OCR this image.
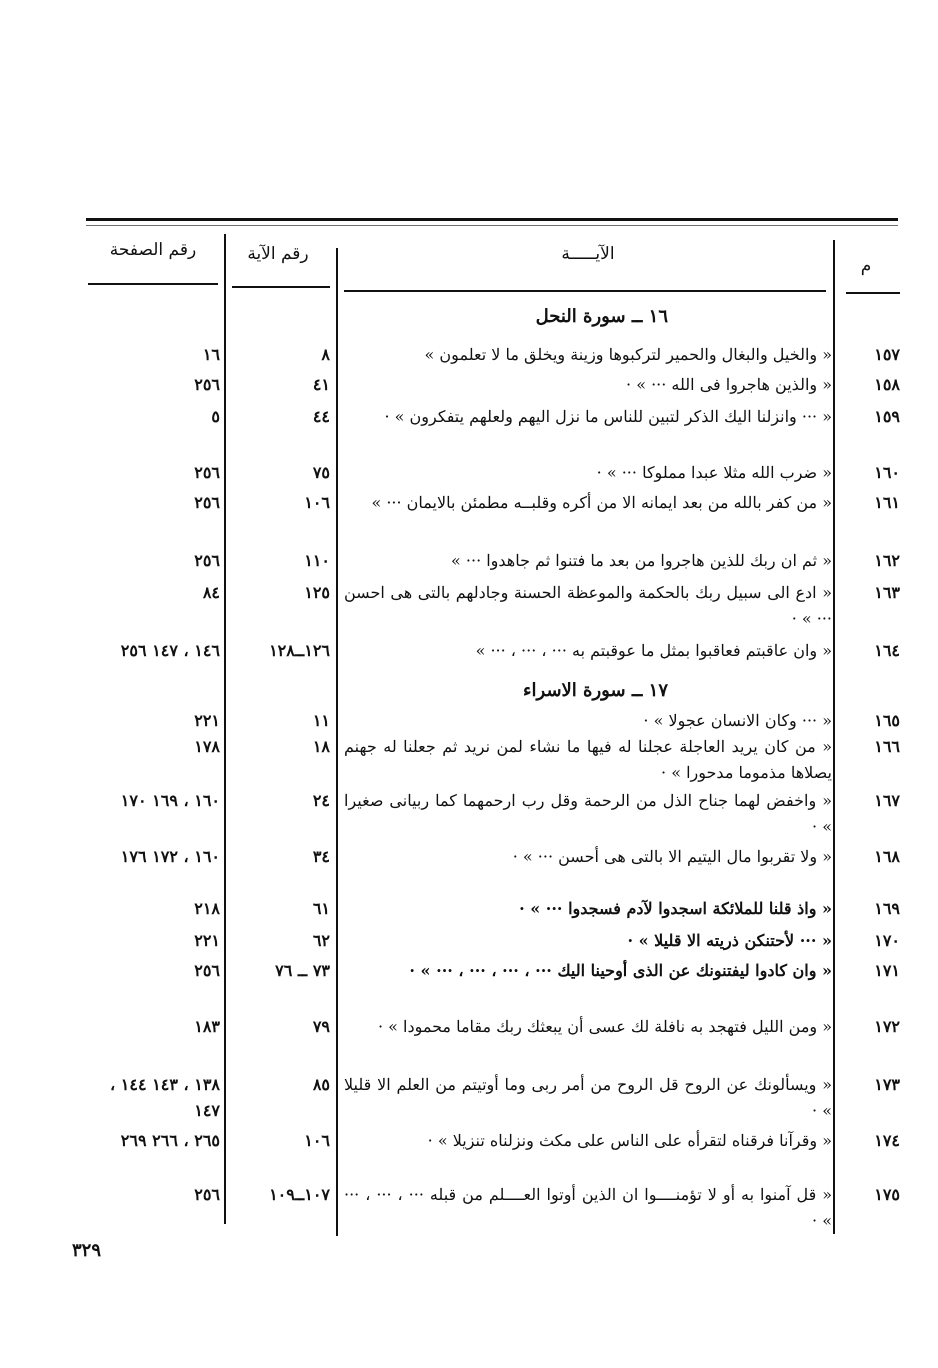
م
الآيـــــة
رقم الآية
رقم الصفحة
١٦ ــ سورة النحل
١٧ ــ سورة الاسراء
١٥٧
« والخيل والبغال والحمير لتركبوها وزينة ويخلق ما لا تعلمون »
٨
١٦
١٥٨
« والذين هاجروا فى الله ··· » ·
٤١
٢٥٦
١٥٩
« ··· وانزلنا اليك الذكر لتبين للناس ما نزل اليهم ولعلهم يتفكرون » ·
٤٤
٥
١٦٠
« ضرب الله مثلا عبدا مملوكا ··· » ·
٧٥
٢٥٦
١٦١
« من كفر بالله من بعد ايمانه الا من أكره وقلبــه مطمئن بالايمان ··· »
١٠٦
٢٥٦
١٦٢
« ثم ان ربك للذين هاجروا من بعد ما فتنوا ثم جاهدوا ··· »
١١٠
٢٥٦
١٦٣
« ادع الى سبيل ربك بالحكمة والموعظة الحسنة وجادلهم بالتى هى احسن ··· » ·
١٢٥
٨٤
١٦٤
« وان عاقبتم فعاقبوا بمثل ما عوقبتم به ··· ، ··· ، ··· »
١٢٦ــ١٢٨
١٤٦ ، ١٤٧ ٢٥٦
١٦٥
« ··· وكان الانسان عجولا » ·
١١
٢٢١
١٦٦
« من كان يريد العاجلة عجلنا له فيها ما نشاء لمن نريد ثم جعلنا له جهنم يصلاها مذموما مدحورا » ·
١٨
١٧٨
١٦٧
« واخفض لهما جناح الذل من الرحمة وقل رب ارحمهما كما ربيانى صغيرا » ·
٢٤
١٦٠ ، ١٦٩ ١٧٠
١٦٨
« ولا تقربوا مال اليتيم الا بالتى هى أحسن ··· » ·
٣٤
١٦٠ ، ١٧٢ ١٧٦
١٦٩
« واذ قلنا للملائكة اسجدوا لآدم فسجدوا ··· » ·
٦١
٢١٨
١٧٠
« ··· لأحتنكن ذريته الا قليلا » ·
٦٢
٢٢١
١٧١
« وان كادوا ليفتنونك عن الذى أوحينا اليك ··· ، ··· ، ··· ، ··· » ·
٧٣ ــ ٧٦
٢٥٦
١٧٢
« ومن الليل فتهجد به نافلة لك عسى أن يبعثك ربك مقاما محمودا » ·
٧٩
١٨٣
١٧٣
« ويسألونك عن الروح قل الروح من أمر ربى وما أوتيتم من العلم الا قليلا » ·
٨٥
١٣٨ ، ١٤٣ ١٤٤ ، ١٤٧
١٧٤
« وقرآنا فرقناه لتقرأه على الناس على مكث ونزلناه تنزيلا » ·
١٠٦
٢٦٥ ، ٢٦٦ ٢٦٩
١٧٥
« قل آمنوا به أو لا تؤمنــــوا ان الذين أوتوا العــــلم من قبله ··· ، ··· ، ··· » ·
١٠٧ــ١٠٩
٢٥٦
٣٢٩
